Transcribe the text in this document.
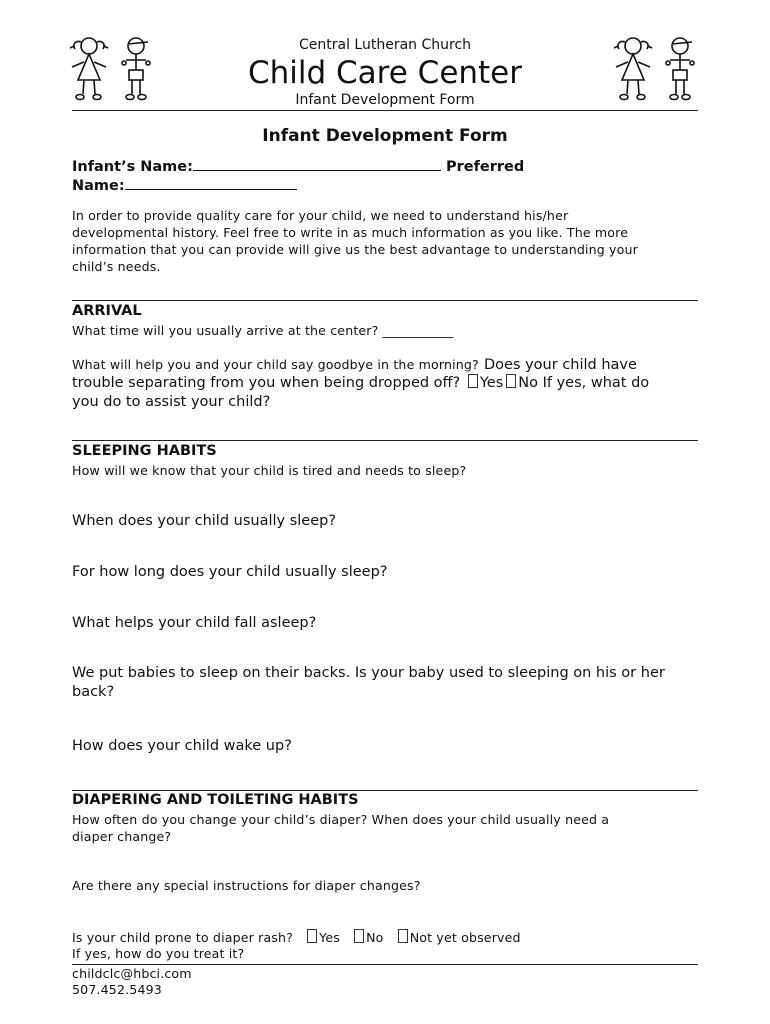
Central Lutheran Church
Child Care Center
Infant Development Form
Infant Development Form
Infant’s Name:	Preferred
Name:
In order to provide quality care for your child, we need to understand his/her
developmental history. Feel free to write in as much information as you like. The more
information that you can provide will give us the best advantage to understanding your
child’s needs.
ARRIVAL
What time will you usually arrive at the center? ___________
What will help you and your child say goodbye in the morning? Does your child have
trouble separating from you when being dropped off? Yes No If yes, what do
you do to assist your child?
SLEEPING HABITS
How will we know that your child is tired and needs to sleep?
When does your child usually sleep?
For how long does your child usually sleep?
What helps your child fall asleep?
We put babies to sleep on their backs. Is your baby used to sleeping on his or her
back?
How does your child wake up?
DIAPERING AND TOILETING HABITS
How often do you change your child’s diaper? When does your child usually need a
diaper change?
Are there any special instructions for diaper changes?
Is your child prone to diaper rash? Yes No Not yet observed
If yes, how do you treat it?
childclc@hbci.com
507.452.5493
